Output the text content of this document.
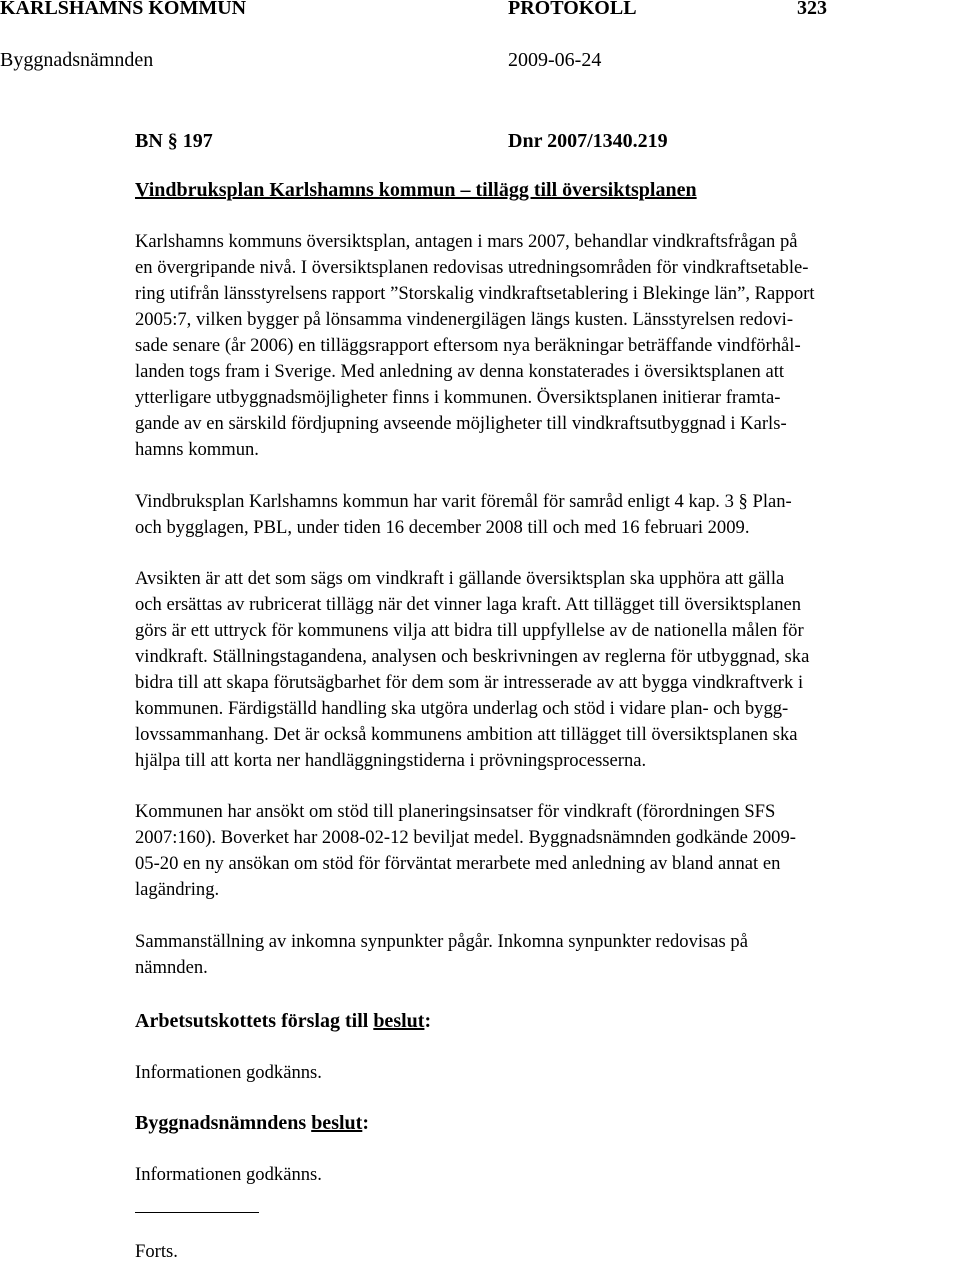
KARLSHAMNS KOMMUN	PROTOKOLL	323
Byggnadsnämnden	2009-06-24
BN § 197	Dnr 2007/1340.219
Vindbruksplan Karlshamns kommun – tillägg till översiktsplanen
Karlshamns kommuns översiktsplan, antagen i mars 2007, behandlar vindkraftsfrågan på
en övergripande nivå. I översiktsplanen redovisas utredningsområden för vindkraftsetable-
ring utifrån länsstyrelsens rapport ”Storskalig vindkraftsetablering i Blekinge län”, Rapport
2005:7, vilken bygger på lönsamma vindenergilägen längs kusten. Länsstyrelsen redovi-
sade senare (år 2006) en tilläggsrapport eftersom nya beräkningar beträffande vindförhål-
landen togs fram i Sverige. Med anledning av denna konstaterades i översiktsplanen att
ytterligare utbyggnadsmöjligheter finns i kommunen. Översiktsplanen initierar framta-
gande av en särskild fördjupning avseende möjligheter till vindkraftsutbyggnad i Karls-
hamns kommun.
Vindbruksplan Karlshamns kommun har varit föremål för samråd enligt 4 kap. 3 § Plan-
och bygglagen, PBL, under tiden 16 december 2008 till och med 16 februari 2009.
Avsikten är att det som sägs om vindkraft i gällande översiktsplan ska upphöra att gälla
och ersättas av rubricerat tillägg när det vinner laga kraft. Att tillägget till översiktsplanen
görs är ett uttryck för kommunens vilja att bidra till uppfyllelse av de nationella målen för
vindkraft. Ställningstagandena, analysen och beskrivningen av reglerna för utbyggnad, ska
bidra till att skapa förutsägbarhet för dem som är intresserade av att bygga vindkraftverk i
kommunen. Färdigställd handling ska utgöra underlag och stöd i vidare plan- och bygg-
lovssammanhang. Det är också kommunens ambition att tillägget till översiktsplanen ska
hjälpa till att korta ner handläggningstiderna i prövningsprocesserna.
Kommunen har ansökt om stöd till planeringsinsatser för vindkraft (förordningen SFS
2007:160). Boverket har 2008-02-12 beviljat medel. Byggnadsnämnden godkände 2009-
05-20 en ny ansökan om stöd för förväntat merarbete med anledning av bland annat en
lagändring.
Sammanställning av inkomna synpunkter pågår. Inkomna synpunkter redovisas på
nämnden.
Arbetsutskottets förslag till beslut:
Informationen godkänns.
Byggnadsnämndens beslut:
Informationen godkänns.
Forts.
